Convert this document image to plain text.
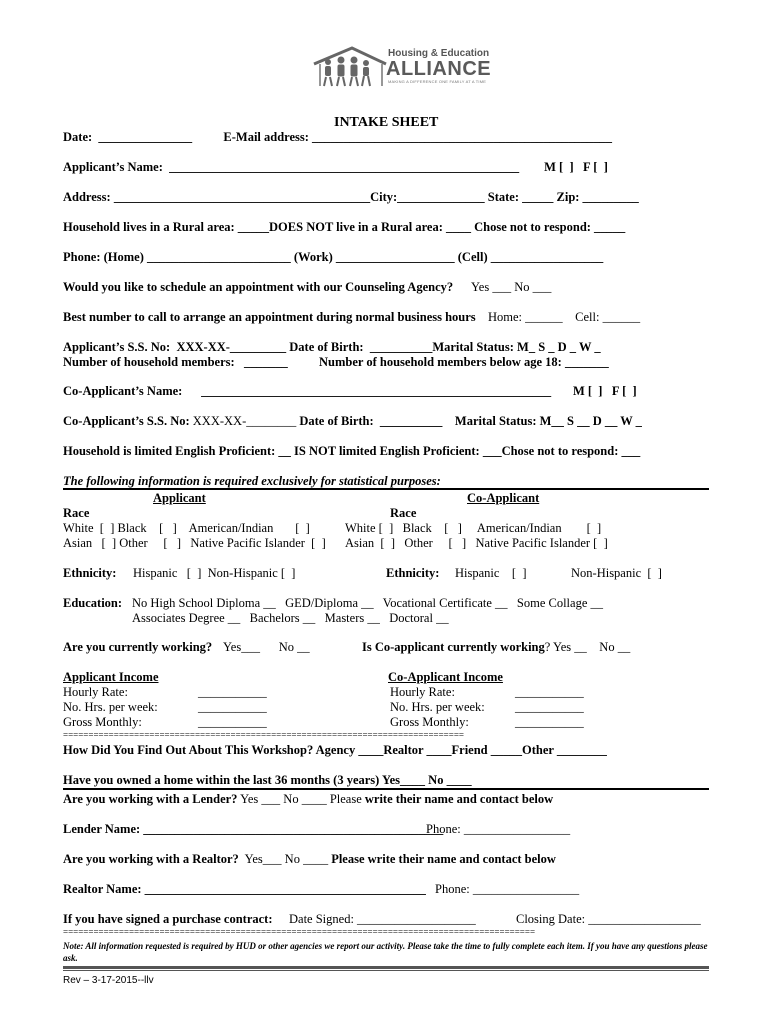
Housing & Education
ALLIANCE
MAKING A DIFFERENCE ONE FAMILY AT A TIME
INTAKE SHEET
Date:  _______________          E-Mail address: ________________________________________________
Applicant’s Name:  ________________________________________________________        M [  ]   F [  ]
Address: _________________________________________City:______________ State: _____ Zip: _________
Household lives in a Rural area: _____DOES NOT live in a Rural area: ____ Chose not to respond: _____
Phone: (Home) _______________________ (Work) ___________________ (Cell) __________________
Would you like to schedule an appointment with our Counseling Agency? Yes ___ No ___
Best number to call to arrange an appointment during normal business hours Home: ______    Cell: ______
Applicant’s S.S. No:  XXX-XX-_________ Date of Birth:  __________Marital Status: M_ S _ D _ W _
Number of household members:   _______          Number of household members below age 18: _______
Co-Applicant’s Name:      ________________________________________________________       M [  ]   F [  ]
Co-Applicant’s S.S. No: XXX-XX-________ Date of Birth:  __________    Marital Status: M__ S __ D __ W _
Household is limited English Proficient: __ IS NOT limited English Proficient: ___Chose not to respond: ___
The following information is required exclusively for statistical purposes:
Applicant	Co-Applicant
Race	Race
White  [  ] Black    [   ]    American/Indian       [  ]
Asian   [  ] Other     [   ]   Native Pacific Islander  [  ]
White [  ]   Black    [   ]     American/Indian        [  ]
Asian  [  ]   Other     [   ]   Native Pacific Islander [  ]
Ethnicity: Hispanic   [  ]  Non-Hispanic [  ]	Ethnicity: Hispanic    [  ]	Non-Hispanic  [  ]
Education: No High School Diploma __   GED/Diploma __   Vocational Certificate __   Some Collage __
Associates Degree __   Bachelors __   Masters __   Doctoral __
Are you currently working? Yes___      No __	Is Co-applicant currently working? Yes __    No __
Applicant Income	Co-Applicant Income
Hourly Rate:	___________
No. Hrs. per week:	___________
Gross Monthly:	___________
Hourly Rate:	___________
No. Hrs. per week: ___________
Gross Monthly:	___________
===============================================================================
How Did You Find Out About This Workshop? Agency ____Realtor ____Friend _____Other ________
Have you owned a home within the last 36 months (3 years) Yes____ No ____
Are you working with a Lender? Yes ___ No ____ Please write their name and contact below
Lender Name: ________________________________________________
Phone: _________________
Are you working with a Realtor?  Yes___ No ____ Please write their name and contact below
Realtor Name: _____________________________________________ Phone: _________________
If you have signed a purchase contract: Date Signed: ___________________	Closing Date: __________________
=============================================================================================
Note: All information requested is required by HUD or other agencies we report our activity. Please take the time to fully complete each item. If you have any questions please ask.
Rev – 3-17-2015--llv
